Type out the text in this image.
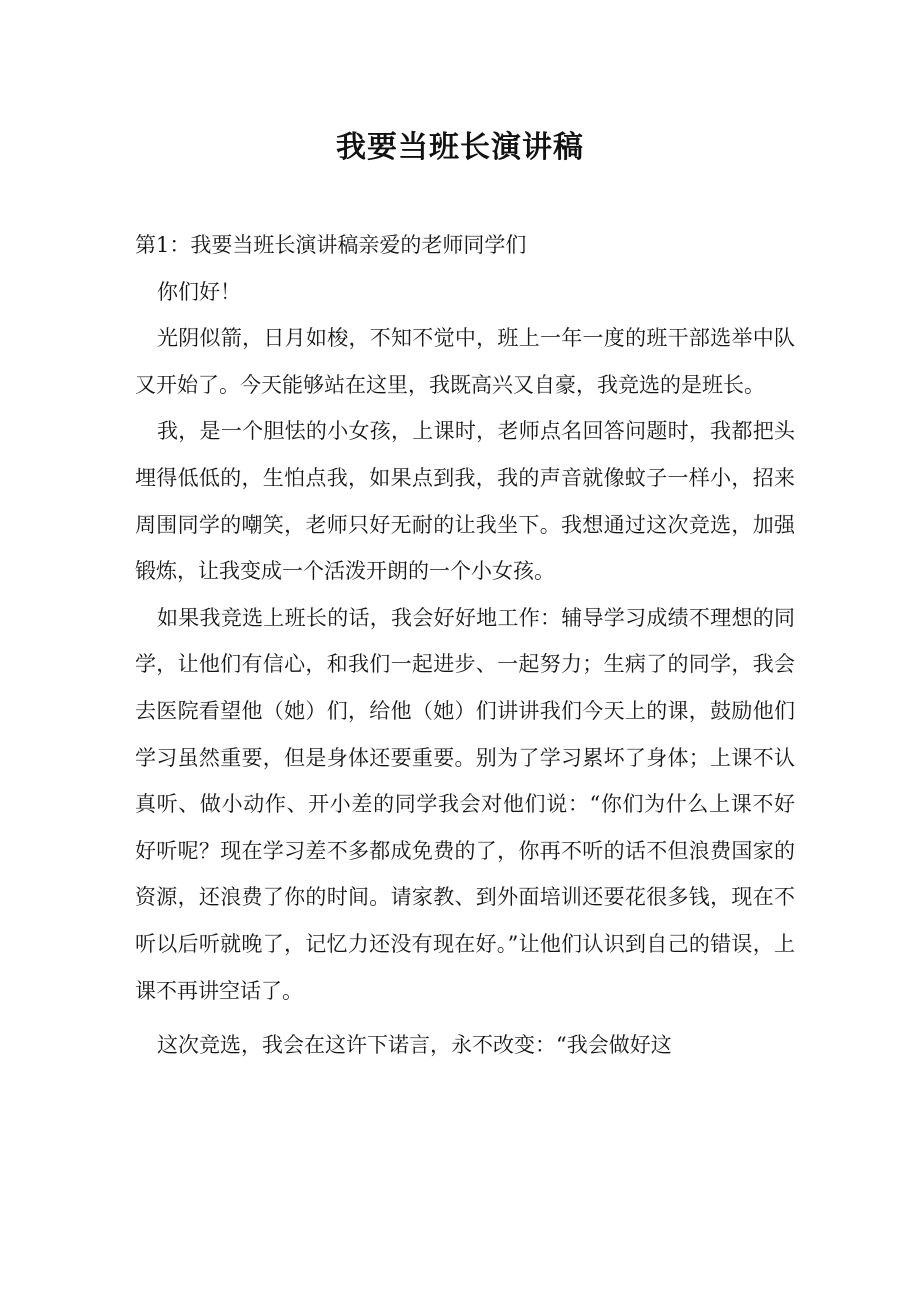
我要当班长演讲稿

第1：我要当班长演讲稿亲爱的老师同学们

你们好！

光阴似箭，日月如梭，不知不觉中，班上一年一度的班干部选举中队又开始了。今天能够站在这里，我既高兴又自豪，我竞选的是班长。

我，是一个胆怯的小女孩，上课时，老师点名回答问题时，我都把头埋得低低的，生怕点我，如果点到我，我的声音就像蚊子一样小，招来周围同学的嘲笑，老师只好无耐的让我坐下。我想通过这次竞选，加强锻炼，让我变成一个活泼开朗的一个小女孩。

如果我竞选上班长的话，我会好好地工作：辅导学习成绩不理想的同学，让他们有信心，和我们一起进步、一起努力；生病了的同学，我会去医院看望他（她）们，给他（她）们讲讲我们今天上的课，鼓励他们学习虽然重要，但是身体还要重要。别为了学习累坏了身体；上课不认真听、做小动作、开小差的同学我会对他们说：“你们为什么上课不好好听呢？现在学习差不多都成免费的了，你再不听的话不但浪费国家的资源，还浪费了你的时间。请家教、到外面培训还要花很多钱，现在不听以后听就晚了，记忆力还没有现在好。”让他们认识到自己的错误，上课不再讲空话了。

这次竞选，我会在这许下诺言，永不改变：“我会做好这
